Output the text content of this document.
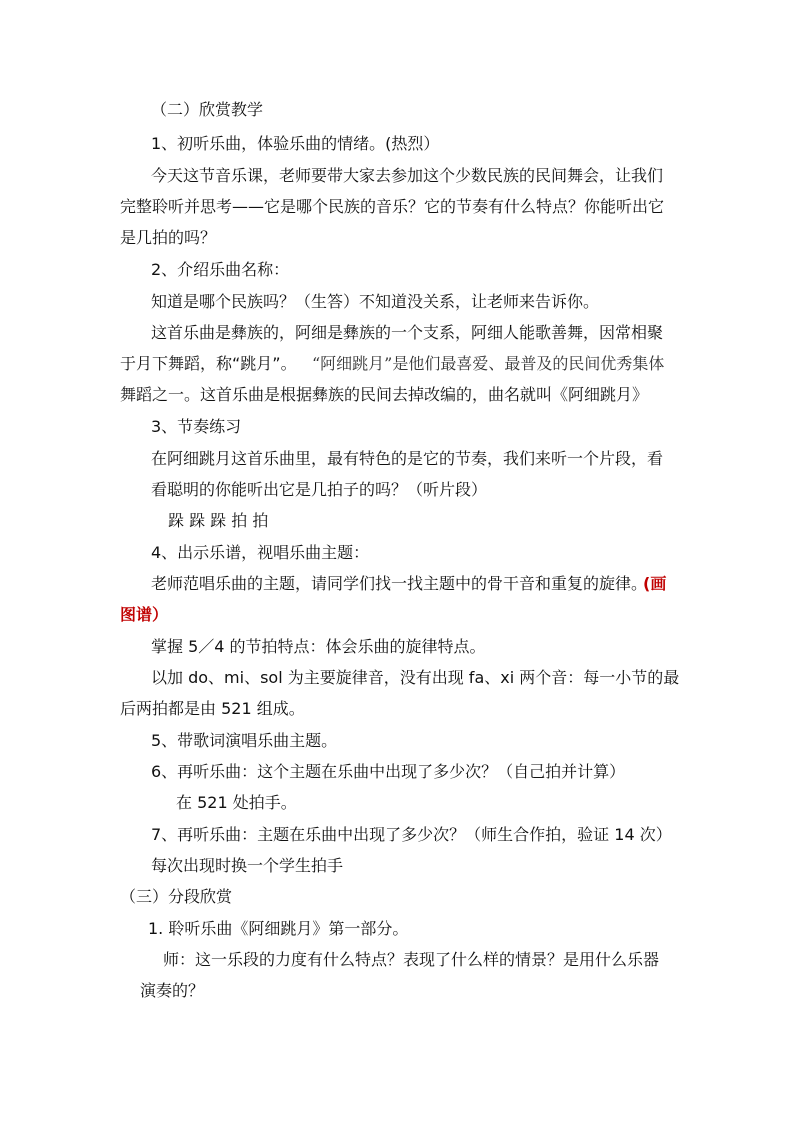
（二）欣赏教学
1、初听乐曲，体验乐曲的情绪。(热烈）
今天这节音乐课，老师要带大家去参加这个少数民族的民间舞会，让我们
完整聆听并思考——它是哪个民族的音乐？它的节奏有什么特点？你能听出它
是几拍的吗？
2、介绍乐曲名称：
知道是哪个民族吗？（生答）不知道没关系，让老师来告诉你。
这首乐曲是彝族的，阿细是彝族的一个支系，阿细人能歌善舞，因常相聚
于月下舞蹈，称“跳月”。 “阿细跳月”是他们最喜爱、最普及的民间优秀集体
舞蹈之一。这首乐曲是根据彝族的民间去掉改编的，曲名就叫《阿细跳月》
3、节奏练习
在阿细跳月这首乐曲里，最有特色的是它的节奏，我们来听一个片段，看
看聪明的你能听出它是几拍子的吗？（听片段）
跺 跺 跺 拍 拍
4、出示乐谱，视唱乐曲主题：
老师范唱乐曲的主题，请同学们找一找主题中的骨干音和重复的旋律。
(画
图谱）
掌握 5／4 的节拍特点：体会乐曲的旋律特点。
以加 do、mi、sol 为主要旋律音，没有出现 fa、xi 两个音：每一小节的最
后两拍都是由 521 组成。
5、带歌词演唱乐曲主题。
6、再听乐曲：这个主题在乐曲中出现了多少次？（自己拍并计算）
在 521 处拍手。
7、再听乐曲：主题在乐曲中出现了多少次？（师生合作拍，验证 14 次）
每次出现时换一个学生拍手
（三）分段欣赏
1. 聆听乐曲《阿细跳月》第一部分。
师：这一乐段的力度有什么特点？表现了什么样的情景？是用什么乐器
演奏的？
